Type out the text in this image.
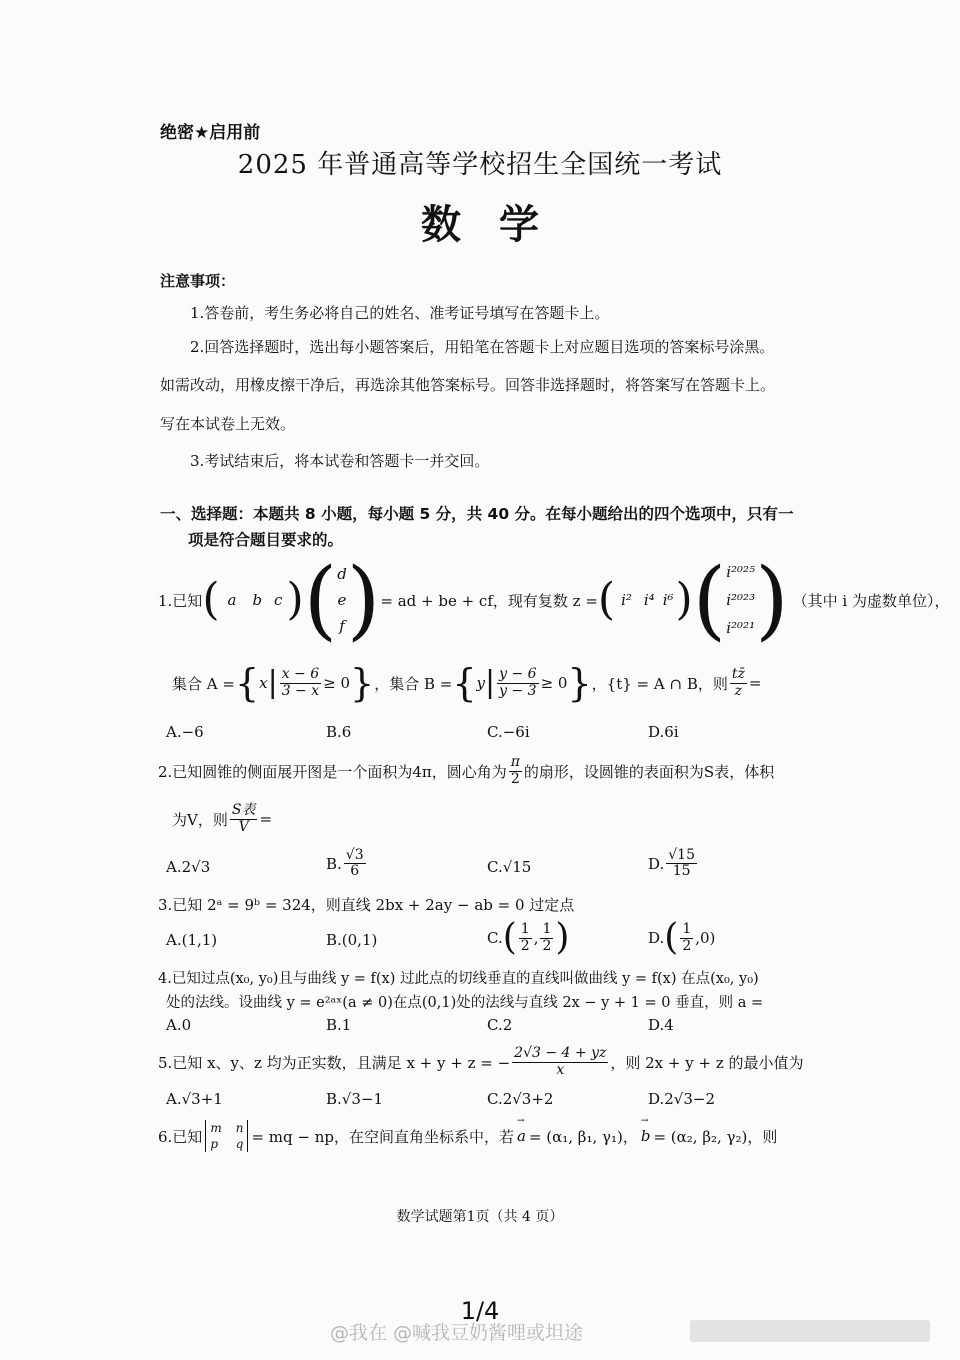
绝密★启用前
2025 年普通高等学校招生全国统一考试
数学
注意事项：
1.答卷前，考生务必将自己的姓名、准考证号填写在答题卡上。
2.回答选择题时，选出每小题答案后，用铅笔在答题卡上对应题目选项的答案标号涂黑。
如需改动，用橡皮擦干净后，再选涂其他答案标号。回答非选择题时，将答案写在答题卡上。
写在本试卷上无效。
3.考试结束后，将本试卷和答题卡一并交回。
一、选择题：本题共 8 小题，每小题 5 分，共 40 分。在每小题给出的四个选项中，只有一
项是符合题目要求的。
1.已知 ( a b c ) ( d
e
f ) = ad + be + cf，现有复数 z = ( i² i⁴ i⁶ ) ( i²⁰²⁵
i²⁰²³
i²⁰²¹ ) （其中 i 为虚数单位），
集合 A = { x | $\frac{x - 6}{3 - x} \ge 0$ } ，集合 B = { y | $\frac{y - 6}{y - 3} \ge 0$ } ，{t} = A ∩ B，则 $\frac{tz̄}{z}$ =
A.−6	B.6	C.−6i	D.6i
2.已知圆锥的侧面展开图是一个面积为4π，圆心角为 $\frac{\pi}{2}$ 的扇形，设圆锥的表面积为S表，体积
为V，则 $\frac{\text{S表}}{V}$ =
A.2√3	B. $\frac{√3}{6}$	C.√15	D. $\frac{√15}{15}$
3.已知 2ᵃ = 9ᵇ = 324，则直线 2bx + 2ay − ab = 0 过定点
A.(1,1)	B.(0,1)	C. ( $\frac{1}{2}$ , $\frac{1}{2}$ )	D. ( $\frac{1}{2} ,0$)
4.已知过点(x₀, y₀)且与曲线 y = f(x) 过此点的切线垂直的直线叫做曲线 y = f(x) 在点(x₀, y₀)
处的法线。设曲线 y = e²ᵃˣ(a ≠ 0)在点(0,1)处的法线与直线 2x − y + 1 = 0 垂直，则 a =
A.0	B.1	C.2	D.4
5.已知 x、y、z 均为正实数，且满足 x + y + z = − $\frac{2√3 - 4 + yz}{x}$ ，则 2x + y + z 的最小值为
A.√3+1	B.√3−1	C.2√3+2	D.2√3−2
6.已知 m n
p	q = mq − np，在空间直角坐标系中，若 → a = (α₁, β₁, γ₁)， → b = (α₂, β₂, γ₂)，则
数学试题第1页（共 4 页）
1/4
@我在 @喊我豆奶酱哩或坦途
